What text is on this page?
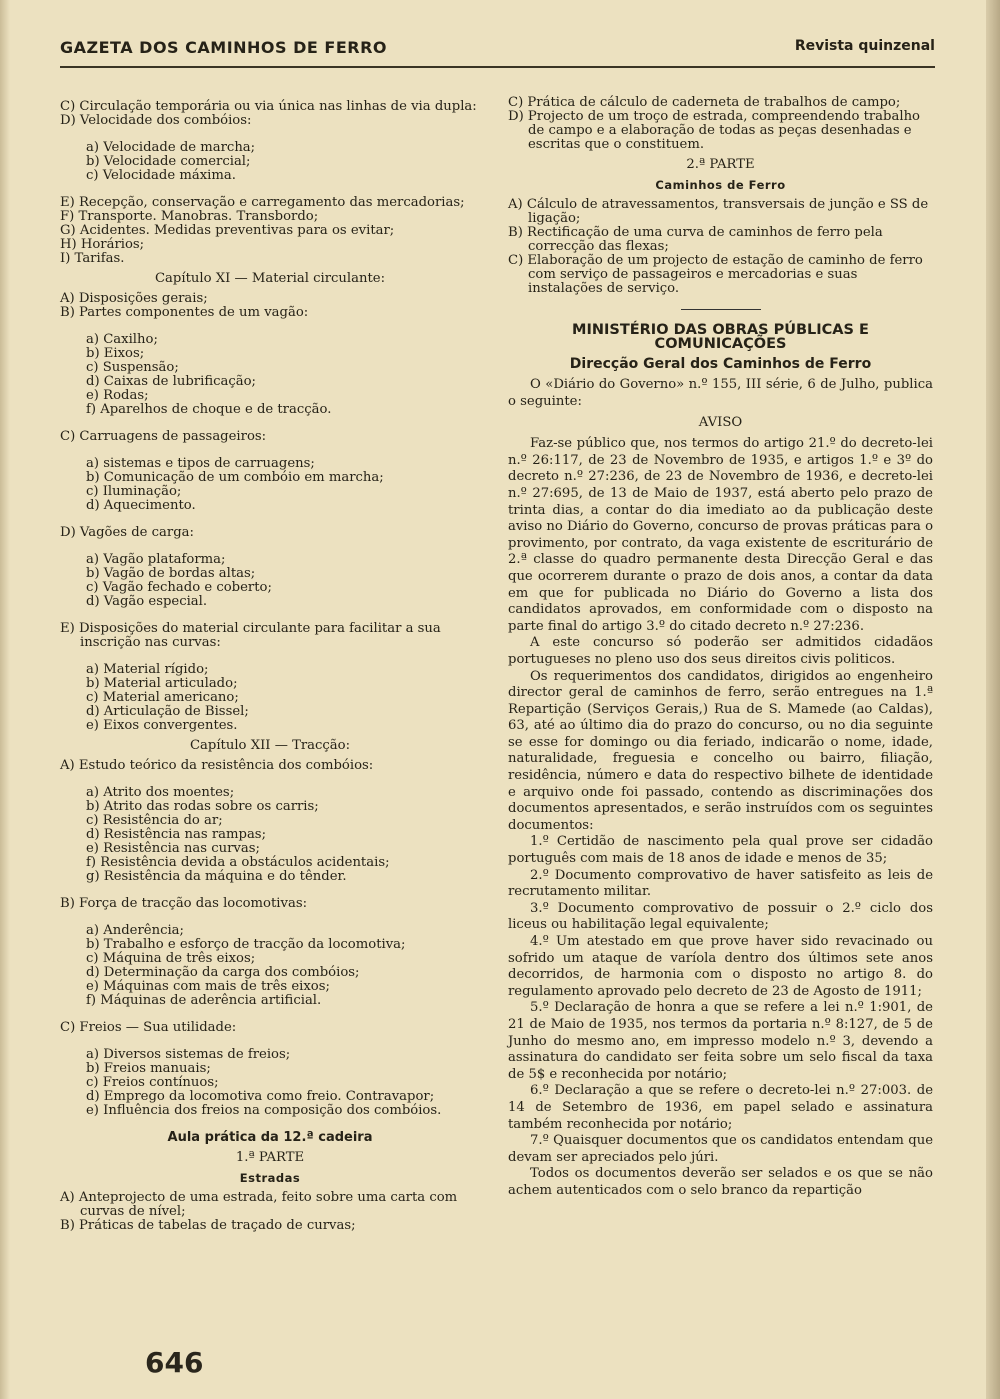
GAZETA DOS CAMINHOS DE FERRO	Revista quinzenal

C) Circulação temporária ou via única nas linhas de via dupla:

D) Velocidade dos combóios:

a) Velocidade de marcha;

b) Velocidade comercial;

c) Velocidade máxima.

E) Recepção, conservação e carregamento das mercadorias;

F) Transporte. Manobras. Transbordo;

G) Acidentes. Medidas preventivas para os evitar;

H) Horários;

I) Tarifas.

Capítulo XI — Material circulante:

A) Disposições gerais;

B) Partes componentes de um vagão:

a) Caxilho;

b) Eixos;

c) Suspensão;

d) Caixas de lubrificação;

e) Rodas;

f) Aparelhos de choque e de tracção.

C) Carruagens de passageiros:

a) sistemas e tipos de carruagens;

b) Comunicação de um combóio em marcha;

c) Iluminação;

d) Aquecimento.

D) Vagões de carga:

a) Vagão plataforma;

b) Vagão de bordas altas;

c) Vagão fechado e coberto;

d) Vagão especial.

E) Disposições do material circulante para facilitar a sua inscrição nas curvas:

a) Material rígido;

b) Material articulado;

c) Material americano;

d) Articulação de Bissel;

e) Eixos convergentes.

Capítulo XII — Tracção:

A) Estudo teórico da resistência dos combóios:

a) Atrito dos moentes;

b) Atrito das rodas sobre os carris;

c) Resistência do ar;

d) Resistência nas rampas;

e) Resistência nas curvas;

f) Resistência devida a obstáculos acidentais;

g) Resistência da máquina e do tênder.

B) Força de tracção das locomotivas:

a) Anderência;

b) Trabalho e esforço de tracção da locomotiva;

c) Máquina de três eixos;

d) Determinação da carga dos combóios;

e) Máquinas com mais de três eixos;

f) Máquinas de aderência artificial.

C) Freios — Sua utilidade:

a) Diversos sistemas de freios;

b) Freios manuais;

c) Freios contínuos;

d) Emprego da locomotiva como freio. Contravapor;

e) Influência dos freios na composição dos combóios.

Aula prática da 12.ª cadeira

1.ª PARTE

Estradas

A) Anteprojecto de uma estrada, feito sobre uma carta com curvas de nível;

B) Práticas de tabelas de traçado de curvas;

C) Prática de cálculo de caderneta de trabalhos de campo;

D) Projecto de um troço de estrada, compreendendo trabalho de campo e a elaboração de todas as peças desenhadas e escritas que o constituem.

2.ª PARTE

Caminhos de Ferro

A) Cálculo de atravessamentos, transversais de junção e SS de ligação;

B) Rectificação de uma curva de caminhos de ferro pela correcção das flexas;

C) Elaboração de um projecto de estação de caminho de ferro com serviço de passageiros e mercadorias e suas instalações de serviço.

MINISTÉRIO DAS OBRAS PÚBLICAS E COMUNICAÇÕES

Direcção Geral dos Caminhos de Ferro

O «Diário do Governo» n.º 155, III série, 6 de Julho, publica o seguinte:

AVISO

Faz-se público que, nos termos do artigo 21.º do decreto-lei n.º 26:117, de 23 de Novembro de 1935, e artigos 1.º e 3º do decreto n.º 27:236, de 23 de Novembro de 1936, e decreto-lei n.º 27:695, de 13 de Maio de 1937, está aberto pelo prazo de trinta dias, a contar do dia imediato ao da publicação deste aviso no Diário do Governo, concurso de provas práticas para o provimento, por contrato, da vaga existente de escriturário de 2.ª classe do quadro permanente desta Direcção Geral e das que ocorrerem durante o prazo de dois anos, a contar da data em que for publicada no Diário do Governo a lista dos candidatos aprovados, em conformidade com o disposto na parte final do artigo 3.º do citado decreto n.º 27:236.

A este concurso só poderão ser admitidos cidadãos portugueses no pleno uso dos seus direitos civis politicos.

Os requerimentos dos candidatos, dirigidos ao engenheiro director geral de caminhos de ferro, serão entregues na 1.ª Repartição (Serviços Gerais,) Rua de S. Mamede (ao Caldas), 63, até ao último dia do prazo do concurso, ou no dia seguinte se esse for domingo ou dia feriado, indicarão o nome, idade, naturalidade, freguesia e concelho ou bairro, filiação, residência, número e data do respectivo bilhete de identidade e arquivo onde foi passado, contendo as discriminações dos documentos apresentados, e serão instruídos com os seguintes documentos:

1.º Certidão de nascimento pela qual prove ser cidadão português com mais de 18 anos de idade e menos de 35;

2.º Documento comprovativo de haver satisfeito as leis de recrutamento militar.

3.º Documento comprovativo de possuir o 2.º ciclo dos liceus ou habilitação legal equivalente;

4.º Um atestado em que prove haver sido revacinado ou sofrido um ataque de varíola dentro dos últimos sete anos decorridos, de harmonia com o disposto no artigo 8. do regulamento aprovado pelo decreto de 23 de Agosto de 1911;

5.º Declaração de honra a que se refere a lei n.º 1:901, de 21 de Maio de 1935, nos termos da portaria n.º 8:127, de 5 de Junho do mesmo ano, em impresso modelo n.º 3, devendo a assinatura do candidato ser feita sobre um selo fiscal da taxa de 5$ e reconhecida por notário;

6.º Declaração a que se refere o decreto-lei n.º 27:003. de 14 de Setembro de 1936, em papel selado e assinatura também reconhecida por notário;

7.º Quaisquer documentos que os candidatos entendam que devam ser apreciados pelo júri.

Todos os documentos deverão ser selados e os que se não achem autenticados com o selo branco da repartição

646
